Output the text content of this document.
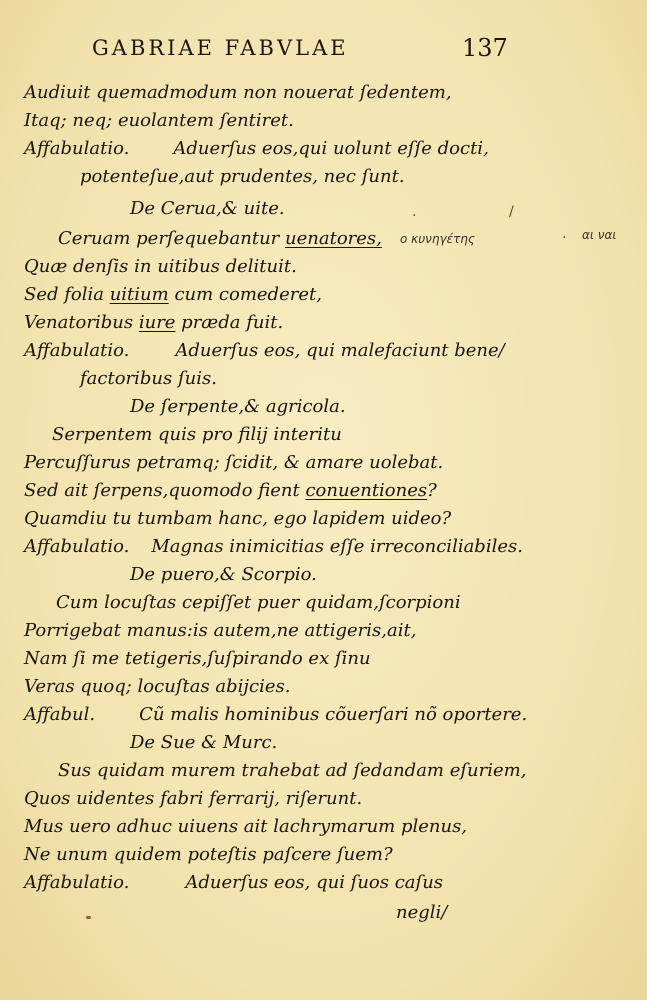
GABRIAE FABVLAE	137
Audiuit quemadmodum non nouerat ſedentem,
Itaq; neq; euolantem ſentiret.
Affabulatio. Aduerſus eos,qui uolunt eſſe docti,
potenteſue,aut prudentes, nec ſunt.
De Cerua,& uite.
Ceruam perſequebantur uenatores,
Quæ denſis in uitibus delituit.
Sed folia uitium cum comederet,
Venatoribus iure præda fuit.
Affabulatio.	Aduerſus eos, qui malefaciunt bene/
factoribus ſuis.
De ſerpente,& agricola.
Serpentem quis pro filij interitu
Percuſſurus petramq; ſcidit, & amare uolebat.
Sed ait ſerpens,quomodo fient conuentiones?
Quamdiu tu tumbam hanc, ego lapidem uideo?
Affabulatio. Magnas inimicitias eſſe irreconciliabiles.
De puero,& Scorpio.
Cum locuſtas cepiſſet puer quidam,ſcorpioni
Porrigebat manus:is autem,ne attigeris,ait,
Nam ſi me tetigeris,ſuſpirando ex ſinu
Veras quoq; locuſtas abijcies.
Affabul. Cũ malis hominibus cõuerſari nõ oportere.
De Sue & Murc.
Sus quidam murem trahebat ad ſedandam eſuriem,
Quos uidentes fabri ferrarij, riſerunt.
Mus uero adhuc uiuens ait lachrymarum plenus,
Ne unum quidem poteſtis paſcere ſuem?
Affabulatio.	Aduerſus eos, qui ſuos caſus
negli/
ο κυνηγέτης	αι ναι
·	/
·
